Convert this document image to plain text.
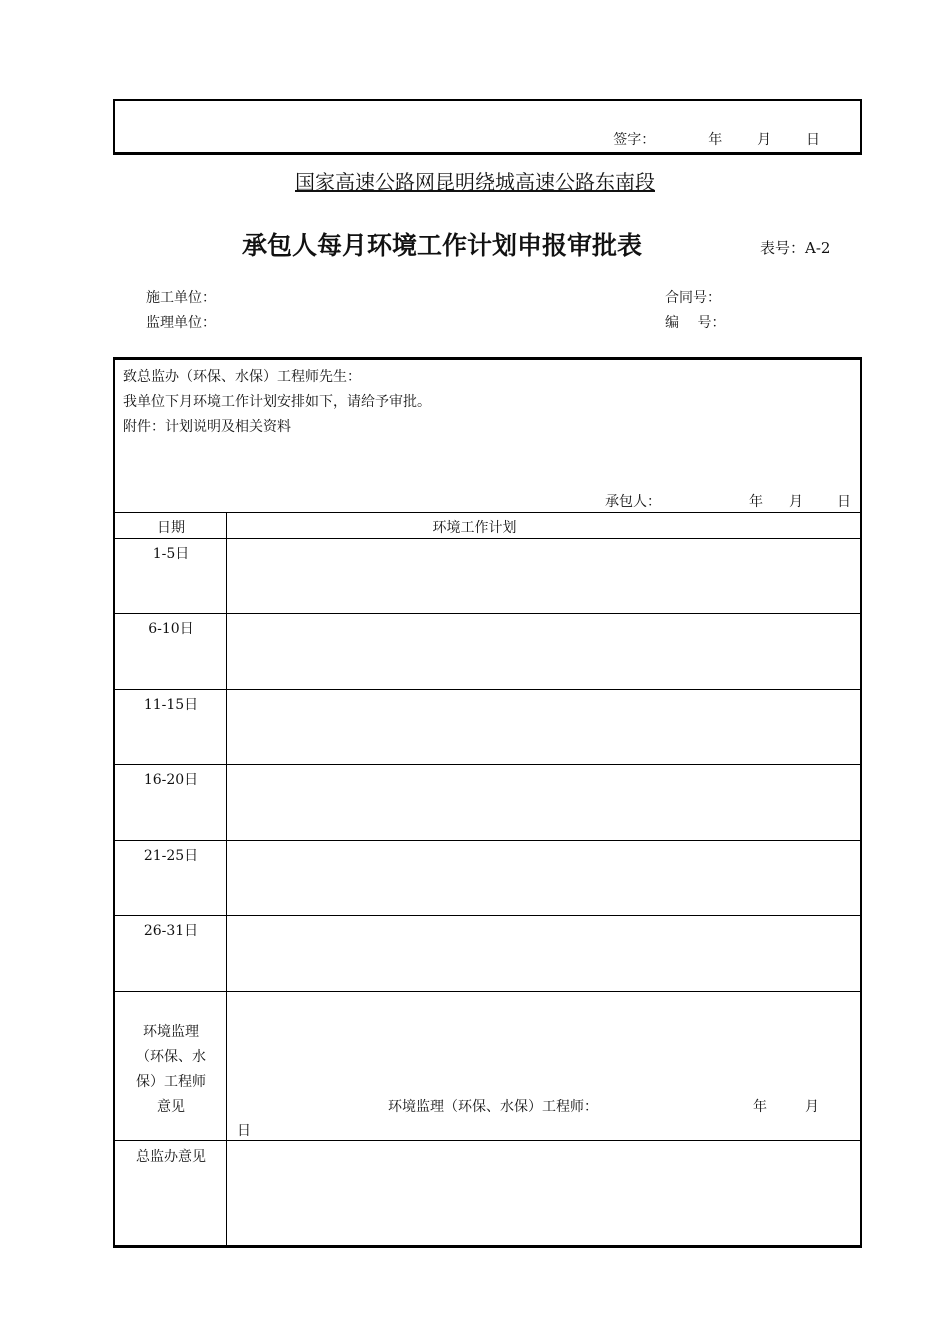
签字：	年 月 日
国家高速公路网昆明绕城高速公路东南段
承包人每月环境工作计划申报审批表	表号：A-2
施工单位：	合同号：
监理单位：	编　 号：
致总监办（环保、水保）工程师先生：
我单位下月环境工作计划安排如下，请给予审批。
附件：计划说明及相关资料
承包人：	年 月 日
日期	环境工作计划
1-5日
6-10日
11-15日
16-20日
21-25日
26-31日
环境监理
（环保、水
保）工程师
意见	环境监理（环保、水保）工程师：	年	月
日
总监办意见
